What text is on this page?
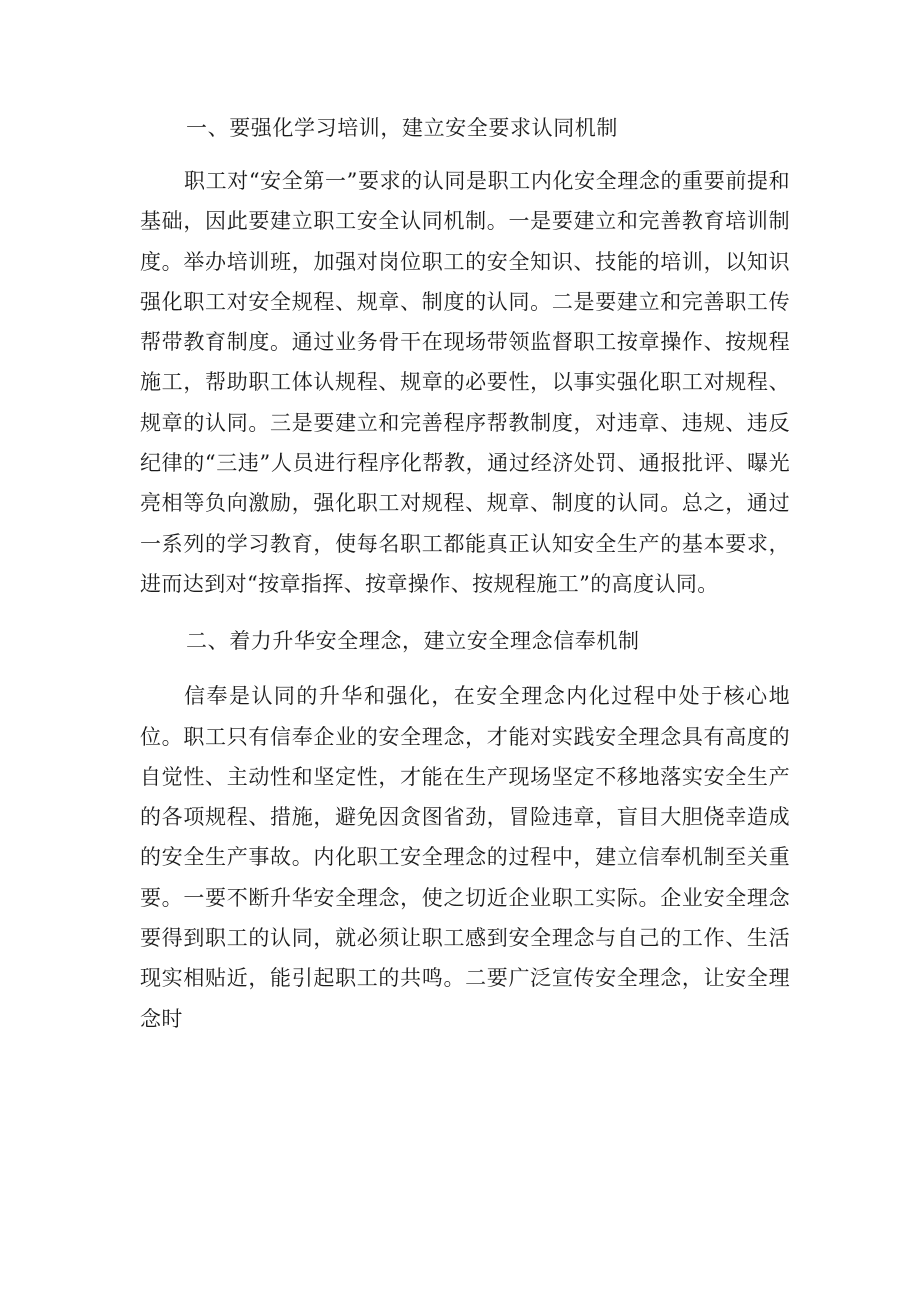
一、要强化学习培训，建立安全要求认同机制

职工对“安全第一”要求的认同是职工内化安全理念的重要前提和基础，因此要建立职工安全认同机制。一是要建立和完善教育培训制度。举办培训班，加强对岗位职工的安全知识、技能的培训，以知识强化职工对安全规程、规章、制度的认同。二是要建立和完善职工传帮带教育制度。通过业务骨干在现场带领监督职工按章操作、按规程施工，帮助职工体认规程、规章的必要性，以事实强化职工对规程、规章的认同。三是要建立和完善程序帮教制度，对违章、违规、违反纪律的“三违”人员进行程序化帮教，通过经济处罚、通报批评、曝光亮相等负向激励，强化职工对规程、规章、制度的认同。总之，通过一系列的学习教育，使每名职工都能真正认知安全生产的基本要求，进而达到对“按章指挥、按章操作、按规程施工”的高度认同。

二、着力升华安全理念，建立安全理念信奉机制

信奉是认同的升华和强化，在安全理念内化过程中处于核心地位。职工只有信奉企业的安全理念，才能对实践安全理念具有高度的自觉性、主动性和坚定性，才能在生产现场坚定不移地落实安全生产的各项规程、措施，避免因贪图省劲，冒险违章，盲目大胆侥幸造成的安全生产事故。内化职工安全理念的过程中，建立信奉机制至关重要。一要不断升华安全理念，使之切近企业职工实际。企业安全理念要得到职工的认同，就必须让职工感到安全理念与自己的工作、生活现实相贴近，能引起职工的共鸣。二要广泛宣传安全理念，让安全理念时
